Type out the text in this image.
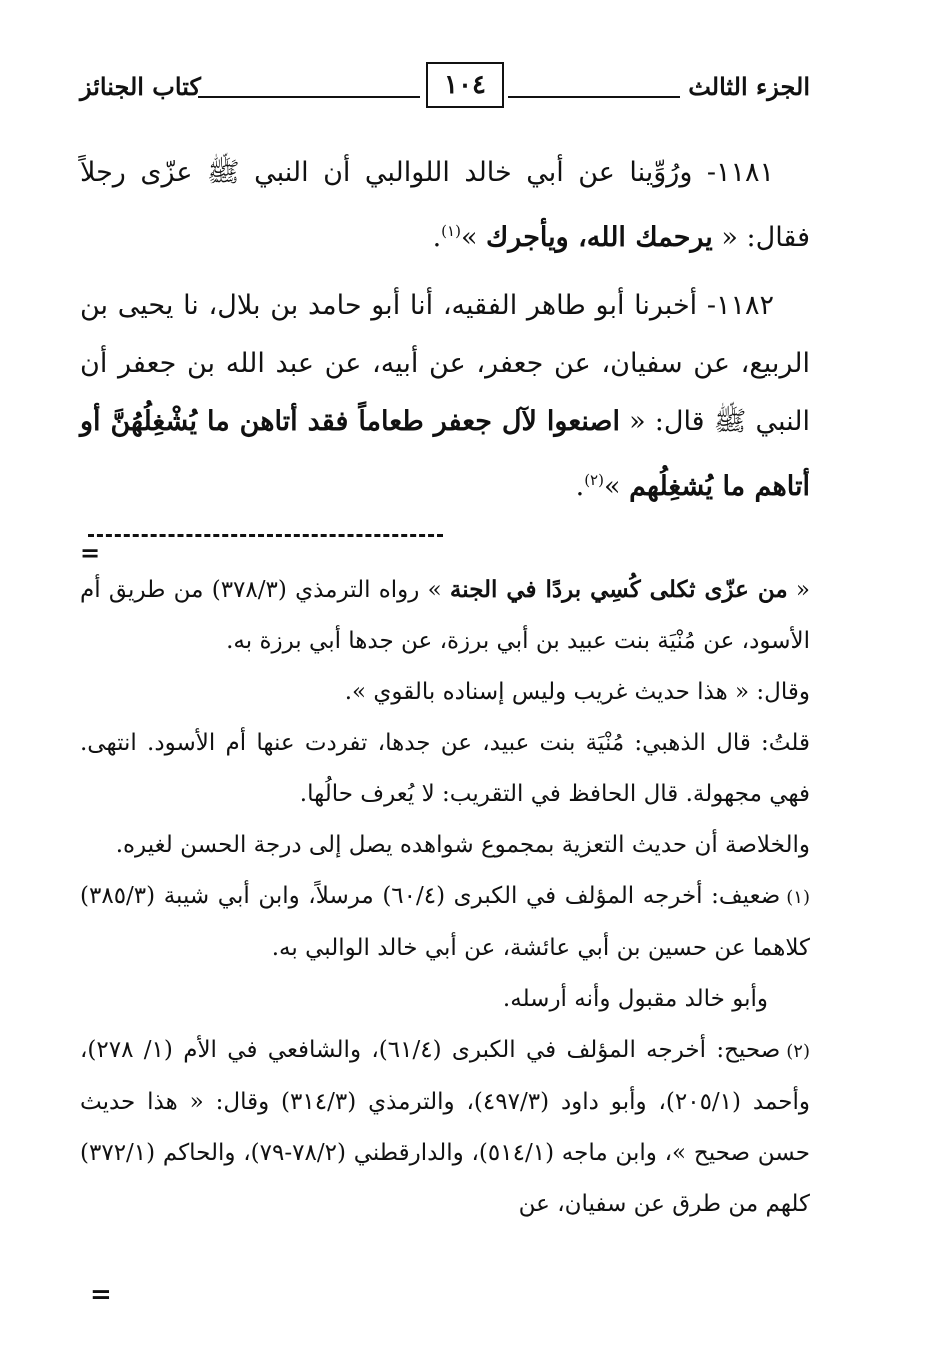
الجزء الثالث
١٠٤
كتاب الجنائز

١١٨١- ورُوِّينا عن أبي خالد اللوالبي أن النبي ﷺ عزّى رجلاً فقال: « يرحمك الله، ويأجرك »$^{(١)}$.

١١٨٢- أخبرنا أبو طاهر الفقيه، أنا أبو حامد بن بلال، نا يحيى بن الربيع، عن سفيان، عن جعفر، عن أبيه، عن عبد الله بن جعفر أن النبي ﷺ قال: « اصنعوا لآل جعفر طعاماً فقد أتاهن ما يُشْغِلُهُنَّ أو أتاهم ما يُشغِلُهم »$^{(٢)}$.

=

« من عزّى ثكلى كُسِي بردًا في الجنة » رواه الترمذي (٣٧٨/٣) من طريق أم الأسود، عن مُنْيَة بنت عبيد بن أبي برزة، عن جدها أبي برزة به.

وقال: « هذا حديث غريب وليس إسناده بالقوي ».

قلتُ: قال الذهبي: مُنْيَة بنت عبيد، عن جدها، تفردت عنها أم الأسود. انتهى. فهي مجهولة. قال الحافظ في التقريب: لا يُعرف حالُها.

والخلاصة أن حديث التعزية بمجموع شواهده يصل إلى درجة الحسن لغيره.

(١)ضعيف: أخرجه المؤلف في الكبرى (٦٠/٤) مرسلاً، وابن أبي شيبة (٣٨٥/٣) كلاهما عن حسين بن أبي عائشة، عن أبي خالد الوالبي به.

وأبو خالد مقبول وأنه أرسله.

(٢)صحيح: أخرجه المؤلف في الكبرى (٦١/٤)، والشافعي في الأم (١/ ٢٧٨)، وأحمد (٢٠٥/١)، وأبو داود (٤٩٧/٣)، والترمذي (٣١٤/٣) وقال: « هذا حديث حسن صحيح »، وابن ماجه (٥١٤/١)، والدارقطني (٧٨/٢-٧٩)، والحاكم (٣٧٢/١) كلهم من طرق عن سفيان، عن

=
